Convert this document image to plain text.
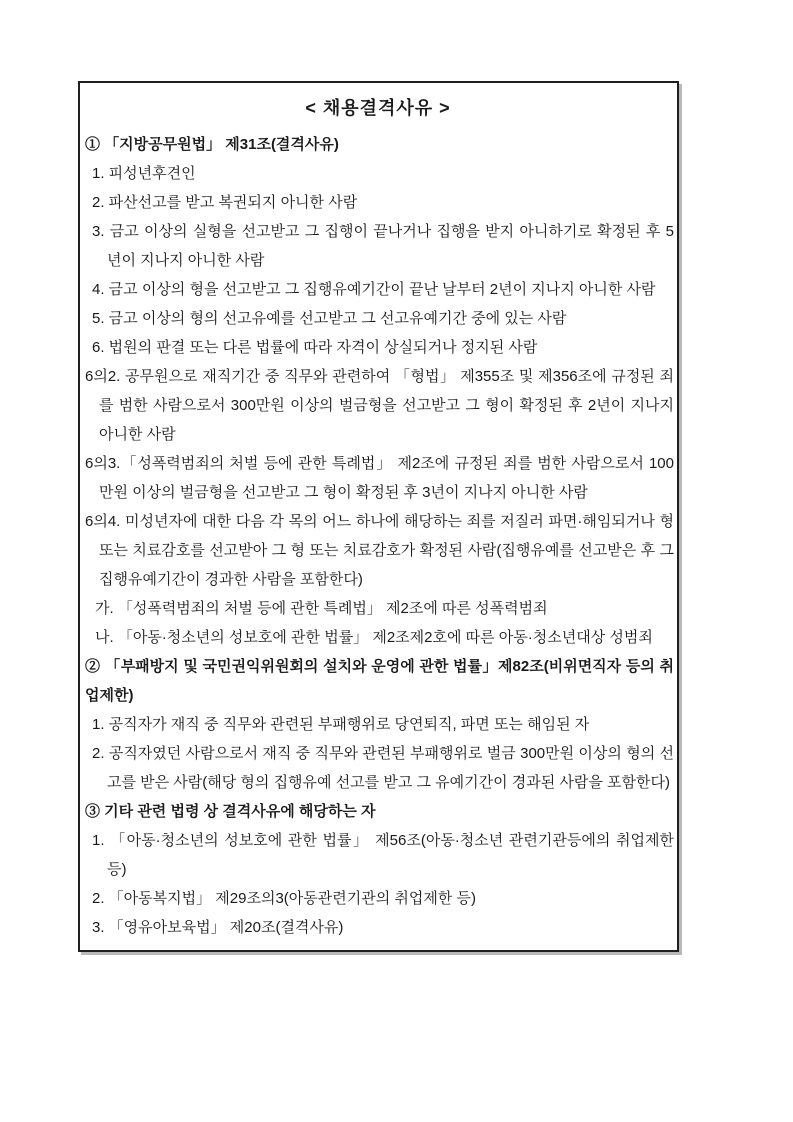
< 채용결격사유 >
① 「지방공무원법」 제31조(결격사유)
1. 피성년후견인
2. 파산선고를 받고 복권되지 아니한 사람
3. 금고 이상의 실형을 선고받고 그 집행이 끝나거나 집행을 받지 아니하기로 확정된 후 5년이 지나지 아니한 사람
4. 금고 이상의 형을 선고받고 그 집행유예기간이 끝난 날부터 2년이 지나지 아니한 사람
5. 금고 이상의 형의 선고유예를 선고받고 그 선고유예기간 중에 있는 사람
6. 법원의 판결 또는 다른 법률에 따라 자격이 상실되거나 정지된 사람
6의2. 공무원으로 재직기간 중 직무와 관련하여 「형법」 제355조 및 제356조에 규정된 죄를 범한 사람으로서 300만원 이상의 벌금형을 선고받고 그 형이 확정된 후 2년이 지나지 아니한 사람
6의3.「성폭력범죄의 처벌 등에 관한 특례법」 제2조에 규정된 죄를 범한 사람으로서 100만원 이상의 벌금형을 선고받고 그 형이 확정된 후 3년이 지나지 아니한 사람
6의4. 미성년자에 대한 다음 각 목의 어느 하나에 해당하는 죄를 저질러 파면·해임되거나 형 또는 치료감호를 선고받아 그 형 또는 치료감호가 확정된 사람(집행유예를 선고받은 후 그 집행유예기간이 경과한 사람을 포함한다)
가. 「성폭력범죄의 처벌 등에 관한 특례법」 제2조에 따른 성폭력범죄
나. 「아동·청소년의 성보호에 관한 법률」 제2조제2호에 따른 아동·청소년대상 성범죄
② 「부패방지 및 국민권익위원회의 설치와 운영에 관한 법률」제82조(비위면직자 등의 취업제한)
1. 공직자가 재직 중 직무와 관련된 부패행위로 당연퇴직, 파면 또는 해임된 자
2. 공직자였던 사람으로서 재직 중 직무와 관련된 부패행위로 벌금 300만원 이상의 형의 선고를 받은 사람(해당 형의 집행유예 선고를 받고 그 유예기간이 경과된 사람을 포함한다)
③ 기타 관련 법령 상 결격사유에 해당하는 자
1. 「아동·청소년의 성보호에 관한 법률」 제56조(아동·청소년 관련기관등에의 취업제한 등)
2. 「아동복지법」 제29조의3(아동관련기관의 취업제한 등)
3. 「영유아보육법」 제20조(결격사유)
